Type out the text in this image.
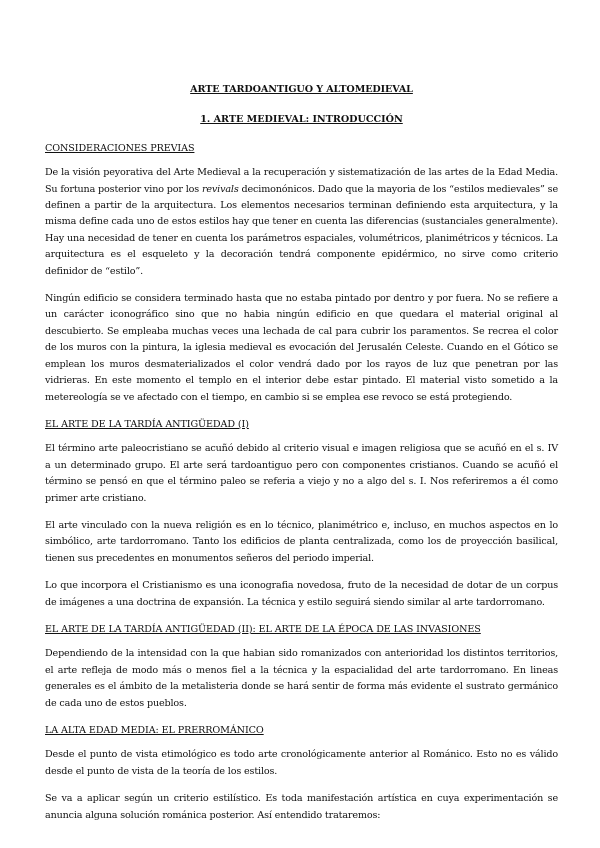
ARTE TARDOANTIGUO Y ALTOMEDIEVAL
1. ARTE MEDIEVAL: INTRODUCCIÓN
CONSIDERACIONES PREVIAS

De la visión peyorativa del Arte Medieval a la recuperación y sistematización de las artes de la Edad Media. Su fortuna posterior vino por los revivals decimonónicos. Dado que la mayoria de los “estilos medievales” se definen a partir de la arquitectura. Los elementos necesarios terminan definiendo esta arquitectura, y la misma define cada uno de estos estilos hay que tener en cuenta las diferencias (sustanciales generalmente). Hay una necesidad de tener en cuenta los parámetros espaciales, volumétricos, planimétricos y técnicos. La arquitectura es el esqueleto y la decoración tendrá componente epidérmico, no sirve como criterio definidor de “estilo”.

Ningún edificio se considera terminado hasta que no estaba pintado por dentro y por fuera. No se refiere a un carácter iconográfico sino que no habia ningún edificio en que quedara el material original al descubierto. Se empleaba muchas veces una lechada de cal para cubrir los paramentos. Se recrea el color de los muros con la pintura, la iglesia medieval es evocación del Jerusalén Celeste. Cuando en el Gótico se emplean los muros desmaterializados el color vendrá dado por los rayos de luz que penetran por las vidrieras. En este momento el templo en el interior debe estar pintado. El material visto sometido a la metereología se ve afectado con el tiempo, en cambio si se emplea ese revoco se está protegiendo.

EL ARTE DE LA TARDÍA ANTIGÜEDAD (I)

El término arte paleocristiano se acuñó debido al criterio visual e imagen religiosa que se acuñó en el s. IV a un determinado grupo. El arte será tardoantiguo pero con componentes cristianos. Cuando se acuñó el término se pensó en que el término paleo se referia a viejo y no a algo del s. I. Nos referiremos a él como primer arte cristiano.

El arte vinculado con la nueva religión es en lo técnico, planimétrico e, incluso, en muchos aspectos en lo simbólico, arte tardorromano. Tanto los edificios de planta centralizada, como los de proyección basilical, tienen sus precedentes en monumentos señeros del periodo imperial.

Lo que incorpora el Cristianismo es una iconografia novedosa, fruto de la necesidad de dotar de un corpus de imágenes a una doctrina de expansión. La técnica y estilo seguirá siendo similar al arte tardorromano.

EL ARTE DE LA TARDÍA ANTIGÜEDAD (II): EL ARTE DE LA ÉPOCA DE LAS INVASIONES

Dependiendo de la intensidad con la que habian sido romanizados con anterioridad los distintos territorios, el arte refleja de modo más o menos fiel a la técnica y la espacialidad del arte tardorromano. En lineas generales es el ámbito de la metalisteria donde se hará sentir de forma más evidente el sustrato germánico de cada uno de estos pueblos.

LA ALTA EDAD MEDIA: EL PRERROMÁNICO

Desde el punto de vista etimológico es todo arte cronológicamente anterior al Románico. Esto no es válido desde el punto de vista de la teoría de los estilos.

Se va a aplicar según un criterio estilístico. Es toda manifestación artística en cuya experimentación se anuncia alguna solución románica posterior. Así entendido trataremos:
